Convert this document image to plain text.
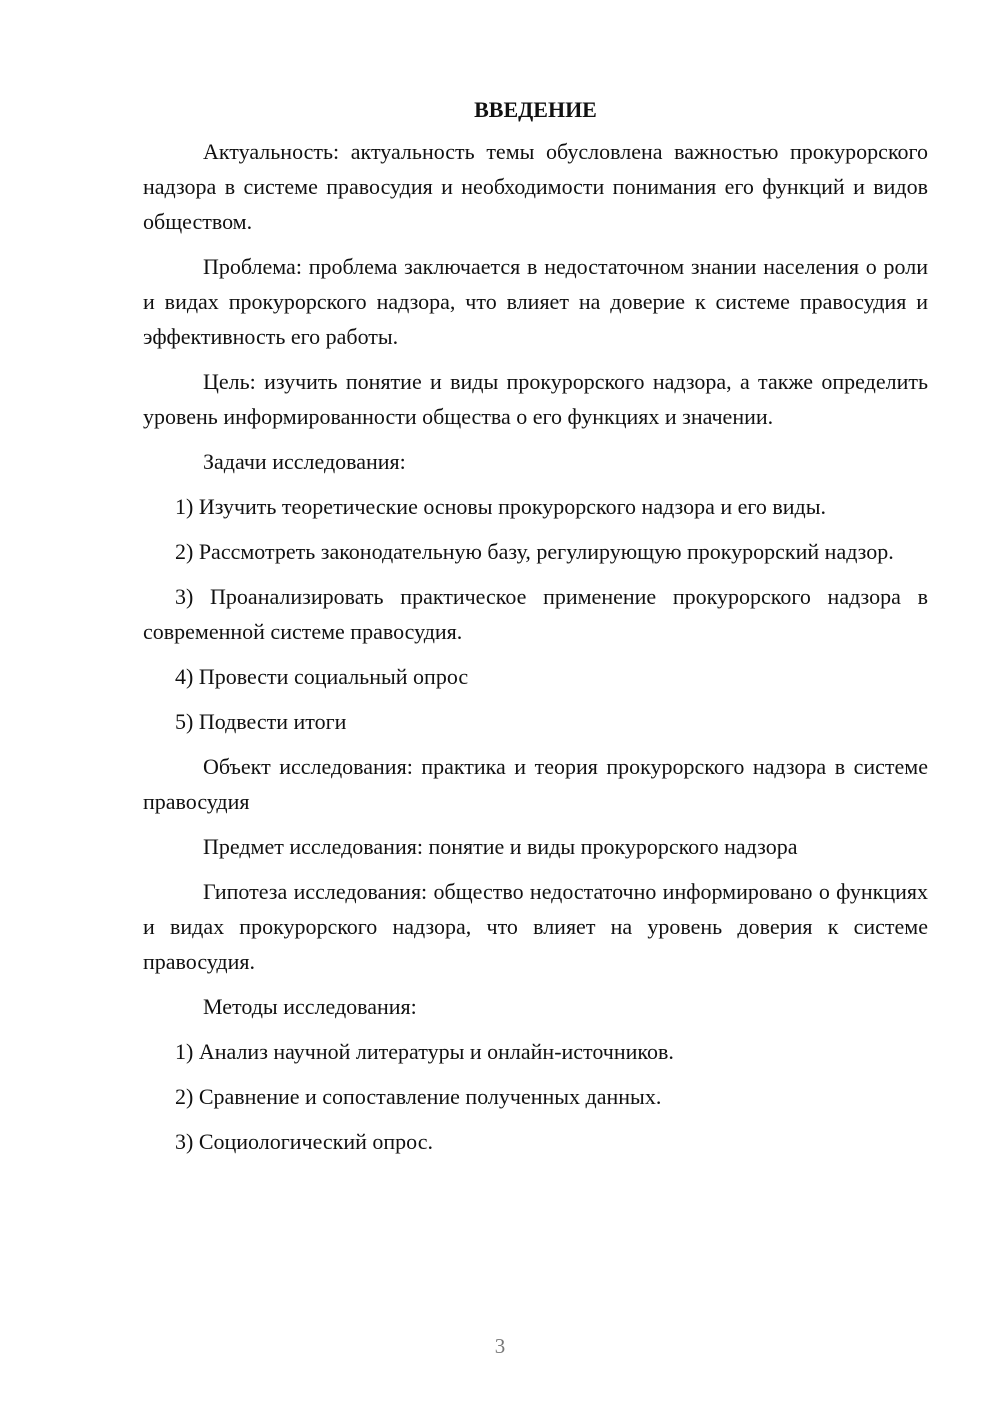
ВВЕДЕНИЕ

Актуальность: актуальность темы обусловлена важностью прокурорского надзора в системе правосудия и необходимости понимания его функций и видов обществом.

Проблема: проблема заключается в недостаточном знании населения о роли и видах прокурорского надзора, что влияет на доверие к системе правосудия и эффективность его работы.

Цель: изучить понятие и виды прокурорского надзора, а также определить уровень информированности общества о его функциях и значении.

Задачи исследования:

1) Изучить теоретические основы прокурорского надзора и его виды.

2) Рассмотреть законодательную базу, регулирующую прокурорский надзор.

3) Проанализировать практическое применение прокурорского надзора в современной системе правосудия.

4) Провести социальный опрос

5) Подвести итоги

Объект исследования: практика и теория прокурорского надзора в системе правосудия

Предмет исследования: понятие и виды прокурорского надзора

Гипотеза исследования: общество недостаточно информировано о функциях и видах прокурорского надзора, что влияет на уровень доверия к системе правосудия.

Методы исследования:

1) Анализ научной литературы и онлайн-источников.

2) Сравнение и сопоставление полученных данных.

3) Социологический опрос.

3
